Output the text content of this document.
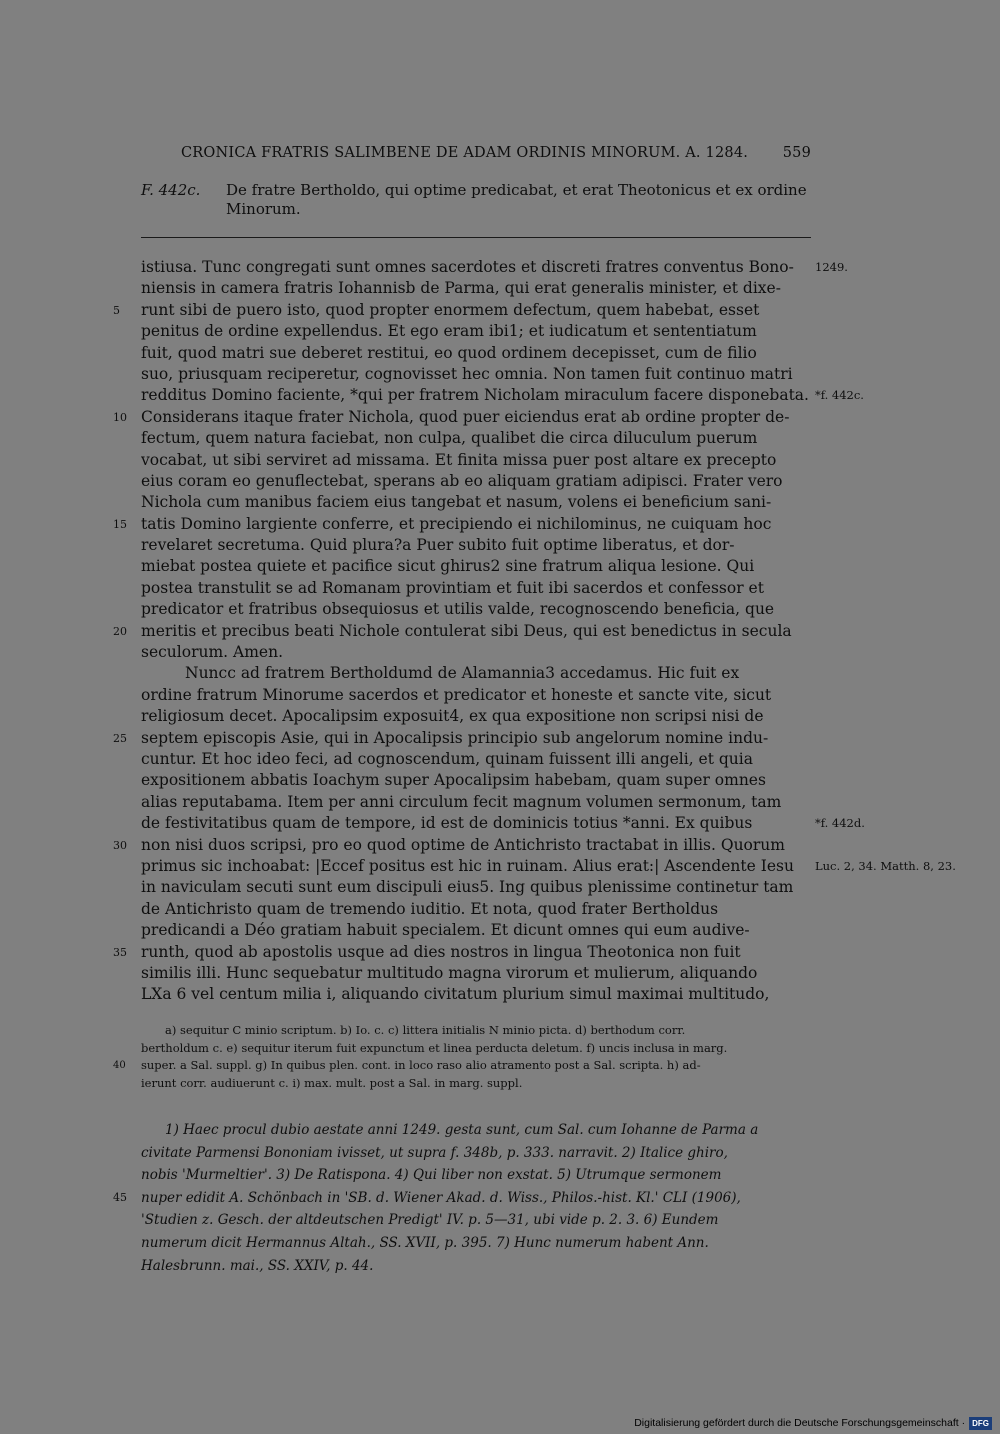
CRONICA FRATRIS SALIMBENE DE ADAM ORDINIS MINORUM. A. 1284. 559
F. 442c. De fratre Bertholdo, qui optime predicabat, et erat Theotonicus et ex ordine Minorum.
istiusa. Tunc congregati sunt omnes sacerdotes et discreti fratres conventus Bono-	1249.
niensis in camera fratris Iohannisb de Parma, qui erat generalis minister, et dixe-
5	runt sibi de puero isto, quod propter enormem defectum, quem habebat, esset
penitus de ordine expellendus. Et ego eram ibi1; et iudicatum et sententiatum
fuit, quod matri sue deberet restitui, eo quod ordinem decepisset, cum de filio
suo, priusquam reciperetur, cognovisset hec omnia. Non tamen fuit continuo matri
redditus Domino faciente, *qui per fratrem Nicholam miraculum facere disponebata. *f. 442c.
10 Considerans itaque frater Nichola, quod puer eiciendus erat ab ordine propter de-
fectum, quem natura faciebat, non culpa, qualibet die circa diluculum puerum
vocabat, ut sibi serviret ad missama. Et finita missa puer post altare ex precepto
eius coram eo genuflectebat, sperans ab eo aliquam gratiam adipisci. Frater vero
Nichola cum manibus faciem eius tangebat et nasum, volens ei beneficium sani-
15 tatis Domino largiente conferre, et precipiendo ei nichilominus, ne cuiquam hoc
revelaret secretuma. Quid plura?a Puer subito fuit optime liberatus, et dor-
miebat postea quiete et pacifice sicut ghirus2 sine fratrum aliqua lesione. Qui
postea transtulit se ad Romanam provintiam et fuit ibi sacerdos et confessor et
predicator et fratribus obsequiosus et utilis valde, recognoscendo beneficia, que
20 meritis et precibus beati Nichole contulerat sibi Deus, qui est benedictus in secula
seculorum. Amen.
Nuncc ad fratrem Bertholdumd de Alamannia3 accedamus. Hic fuit ex
ordine fratrum Minorume sacerdos et predicator et honeste et sancte vite, sicut
religiosum decet. Apocalipsim exposuit4, ex qua expositione non scripsi nisi de
25 septem episcopis Asie, qui in Apocalipsis principio sub angelorum nomine indu-
cuntur. Et hoc ideo feci, ad cognoscendum, quinam fuissent illi angeli, et quia
expositionem abbatis Ioachym super Apocalipsim habebam, quam super omnes
alias reputabama. Item per anni circulum fecit magnum volumen sermonum, tam
de festivitatibus quam de tempore, id est de dominicis totius *anni. Ex quibus	*f. 442d.
30 non nisi duos scripsi, pro eo quod optime de Antichristo tractabat in illis. Quorum
primus sic inchoabat: |Eccef positus est hic in ruinam. Alius erat:| Ascendente Iesu	Luc. 2, 34. Matth. 8, 23.
in naviculam secuti sunt eum discipuli eius5. Ing quibus plenissime continetur tam
de Antichristo quam de tremendo iuditio. Et nota, quod frater Bertholdus
predicandi a Déo gratiam habuit specialem. Et dicunt omnes qui eum audive-
35 runth, quod ab apostolis usque ad dies nostros in lingua Theotonica non fuit
similis illi. Hunc sequebatur multitudo magna virorum et mulierum, aliquando
LXa 6 vel centum milia i, aliquando civitatum plurium simul maximai multitudo,
a) sequitur C minio scriptum. b) Io. c. c) littera initialis N minio picta. d) berthodum corr.
bertholdum c. e) sequitur iterum fuit expunctum et linea perducta deletum. f) uncis inclusa in marg.
40 super. a Sal. suppl. g) In quibus plen. cont. in loco raso alio atramento post a Sal. scripta. h) ad-
ierunt corr. audiuerunt c. i) max. mult. post a Sal. in marg. suppl.
1) Haec procul dubio aestate anni 1249. gesta sunt, cum Sal. cum Iohanne de Parma a
civitate Parmensi Bononiam ivisset, ut supra f. 348b, p. 333. narravit. 2) Italice ghiro,
nobis 'Murmeltier'. 3) De Ratispona. 4) Qui liber non exstat. 5) Utrumque sermonem
45 nuper edidit A. Schönbach in 'SB. d. Wiener Akad. d. Wiss., Philos.-hist. Kl.' CLI (1906),
'Studien z. Gesch. der altdeutschen Predigt' IV. p. 5—31, ubi vide p. 2. 3. 6) Eundem
numerum dicit Hermannus Altah., SS. XVII, p. 395. 7) Hunc numerum habent Ann.
Halesbrunn. mai., SS. XXIV, p. 44.
Digitalisierung gefördert durch die Deutsche Forschungsgemeinschaft · DFG
